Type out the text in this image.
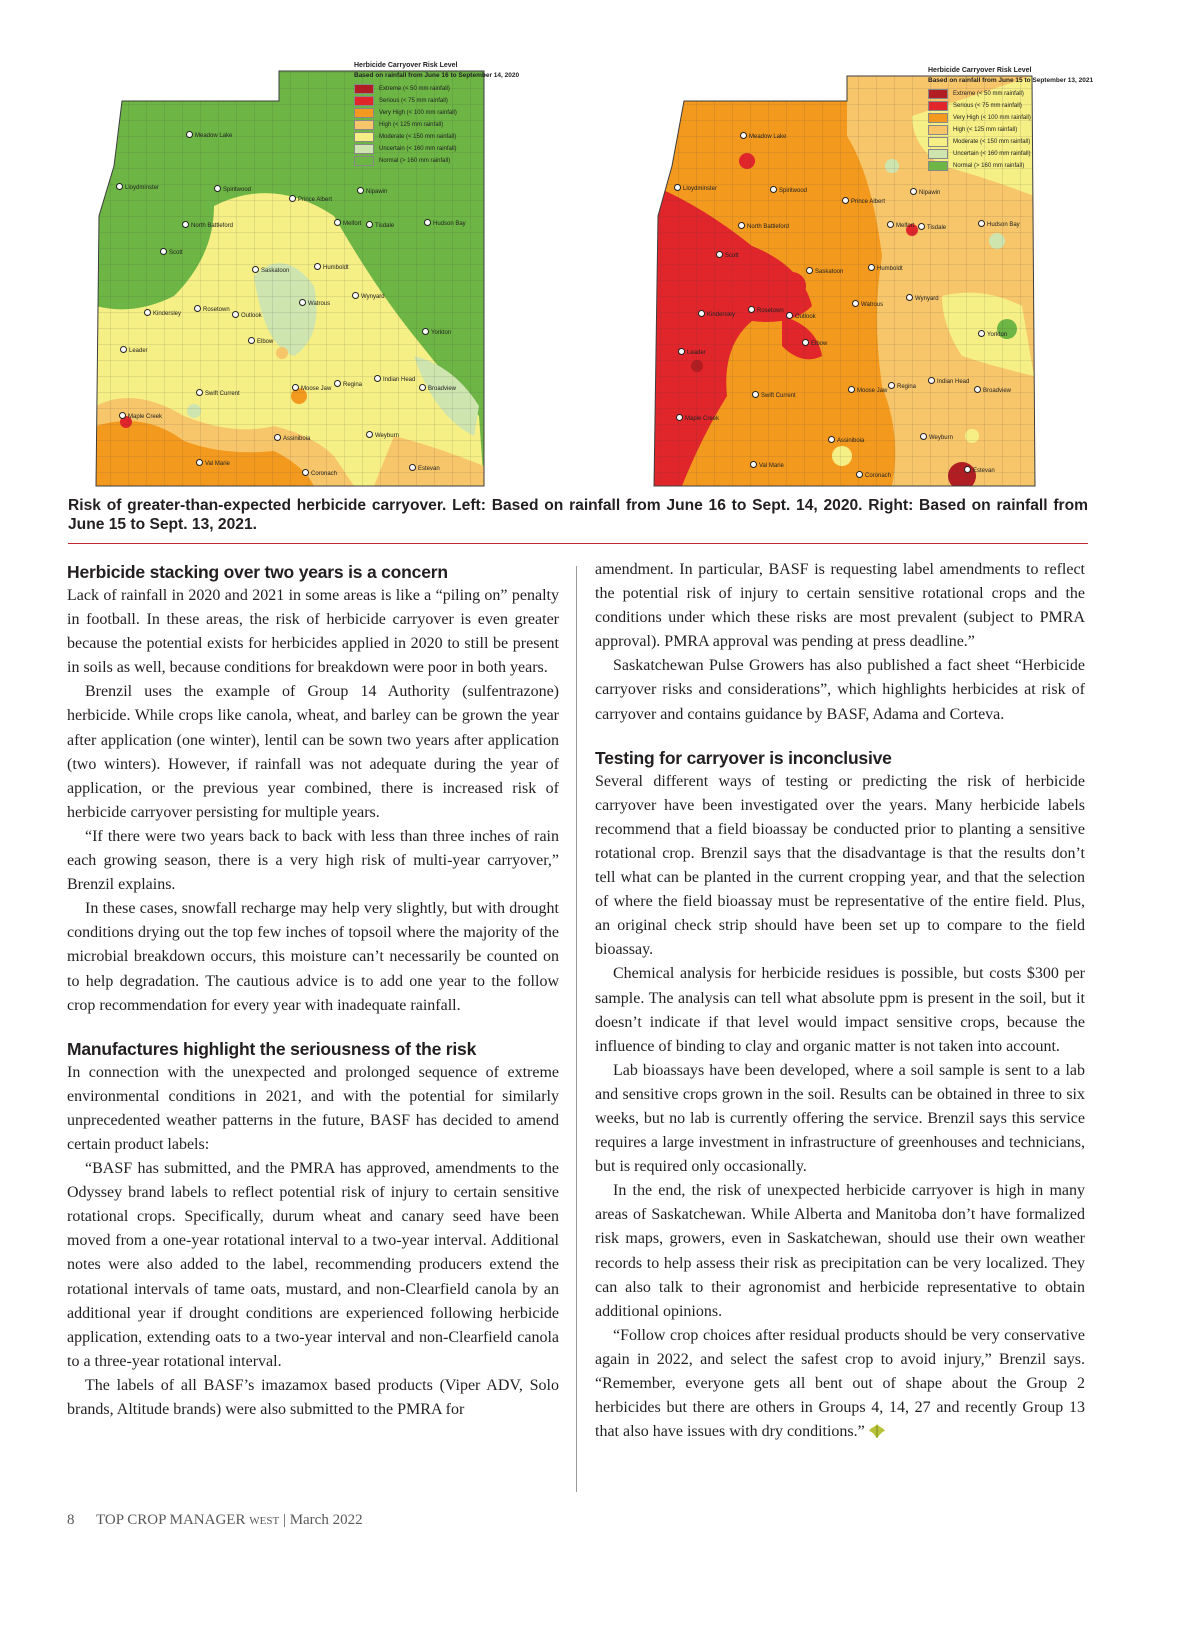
Herbicide Carryover Risk Level
Based on rainfall from June 16 to September 14, 2020
Extreme (< 50 mm rainfall)
Serious (< 75 mm rainfall)
Very High (< 100 mm rainfall)
High (< 125 mm rainfall)
Moderate (< 150 mm rainfall)
Uncertain (< 160 mm rainfall)
Normal (> 160 mm rainfall)
Meadow Lake
Lloydminster	Spiritwood
Prince Albert
Nipawin
North Battleford	Melfort	Tisdale	Hudson Bay
Scott
Saskatoon	Humboldt
Wynyard
Watrous
Rosetown
Kindersley	Outlook
Yorkton
Leader
Elbow
Indian Head
Regina
Moose Jaw	Broadview
Swift Current
Maple Creek
Weyburn
Assiniboia
Val Marie
Estevan
Coronach
Herbicide Carryover Risk Level
Based on rainfall from June 15 to September 13, 2021
Extreme (< 50 mm rainfall)
Serious (< 75 mm rainfall)
Very High (< 100 mm rainfall)
High (< 125 mm rainfall)
Moderate (< 150 mm rainfall)
Uncertain (< 160 mm rainfall)
Normal (> 160 mm rainfall)
Meadow Lake
Lloydminster	Spiritwood
Prince Albert
Nipawin
North Battleford	Melfort	Tisdale	Hudson Bay
Scott
Saskatoon	Humboldt
Wynyard
Watrous
Kindersley
Rosetown
Outlook
Yorkton
Leader
Elbow
Indian Head
Regina
Moose Jaw	Broadview
Swift Current
Maple Creek
Weyburn
Assiniboia
Val Marie
Estevan
Coronach
Risk of greater-than-expected herbicide carryover. Left: Based on rainfall from June 16 to Sept. 14, 2020. Right: Based on rainfall from June 15 to Sept. 13, 2021.
Herbicide stacking over two years is a concern

Lack of rainfall in 2020 and 2021 in some areas is like a “piling on” penalty in football. In these areas, the risk of herbicide carryover is even greater because the potential exists for herbicides applied in 2020 to still be present in soils as well, because conditions for breakdown were poor in both years.

Brenzil uses the example of Group 14 Authority (sulfentrazone) herbicide. While crops like canola, wheat, and barley can be grown the year after application (one winter), lentil can be sown two years after application (two winters). However, if rainfall was not adequate during the year of application, or the previous year combined, there is increased risk of herbicide carryover persisting for multiple years.

“If there were two years back to back with less than three inches of rain each growing season, there is a very high risk of multi-year carryover,” Brenzil explains.

In these cases, snowfall recharge may help very slightly, but with drought conditions drying out the top few inches of topsoil where the majority of the microbial breakdown occurs, this moisture can’t necessarily be counted on to help degradation. The cautious advice is to add one year to the follow crop recommendation for every year with inadequate rainfall.

Manufactures highlight the seriousness of the risk

In connection with the unexpected and prolonged sequence of extreme environmental conditions in 2021, and with the potential for similarly unprecedented weather patterns in the future, BASF has decided to amend certain product labels:

“BASF has submitted, and the PMRA has approved, amendments to the Odyssey brand labels to reflect potential risk of injury to certain sensitive rotational crops. Specifically, durum wheat and canary seed have been moved from a one-year rotational interval to a two-year interval. Additional notes were also added to the label, recommending producers extend the rotational intervals of tame oats, mustard, and non-Clearfield canola by an additional year if drought conditions are experienced following herbicide application, extending oats to a two-year interval and non-Clearfield canola to a three-year rotational interval.

The labels of all BASF’s imazamox based products (Viper ADV, Solo brands, Altitude brands) were also submitted to the PMRA for

amendment. In particular, BASF is requesting label amendments to reflect the potential risk of injury to certain sensitive rotational crops and the conditions under which these risks are most prevalent (subject to PMRA approval). PMRA approval was pending at press deadline.”

Saskatchewan Pulse Growers has also published a fact sheet “Herbicide carryover risks and considerations”, which highlights herbicides at risk of carryover and contains guidance by BASF, Adama and Corteva.

Testing for carryover is inconclusive

Several different ways of testing or predicting the risk of herbicide carryover have been investigated over the years. Many herbicide labels recommend that a field bioassay be conducted prior to planting a sensitive rotational crop. Brenzil says that the disadvantage is that the results don’t tell what can be planted in the current cropping year, and that the selection of where the field bioassay must be representative of the entire field. Plus, an original check strip should have been set up to compare to the field bioassay.

Chemical analysis for herbicide residues is possible, but costs $300 per sample. The analysis can tell what absolute ppm is present in the soil, but it doesn’t indicate if that level would impact sensitive crops, because the influence of binding to clay and organic matter is not taken into account.

Lab bioassays have been developed, where a soil sample is sent to a lab and sensitive crops grown in the soil. Results can be obtained in three to six weeks, but no lab is currently offering the service. Brenzil says this service requires a large investment in infrastructure of greenhouses and technicians, but is required only occasionally.

In the end, the risk of unexpected herbicide carryover is high in many areas of Saskatchewan. While Alberta and Manitoba don’t have formalized risk maps, growers, even in Saskatchewan, should use their own weather records to help assess their risk as precipitation can be very localized. They can also talk to their agronomist and herbicide representative to obtain additional opinions.

“Follow crop choices after residual products should be very conservative again in 2022, and select the safest crop to avoid injury,” Brenzil says. “Remember, everyone gets all bent out of shape about the Group 2 herbicides but there are others in Groups 4, 14, 27 and recently Group 13 that also have issues with dry conditions.”

8 TOP CROP MANAGER WEST | March 2022
